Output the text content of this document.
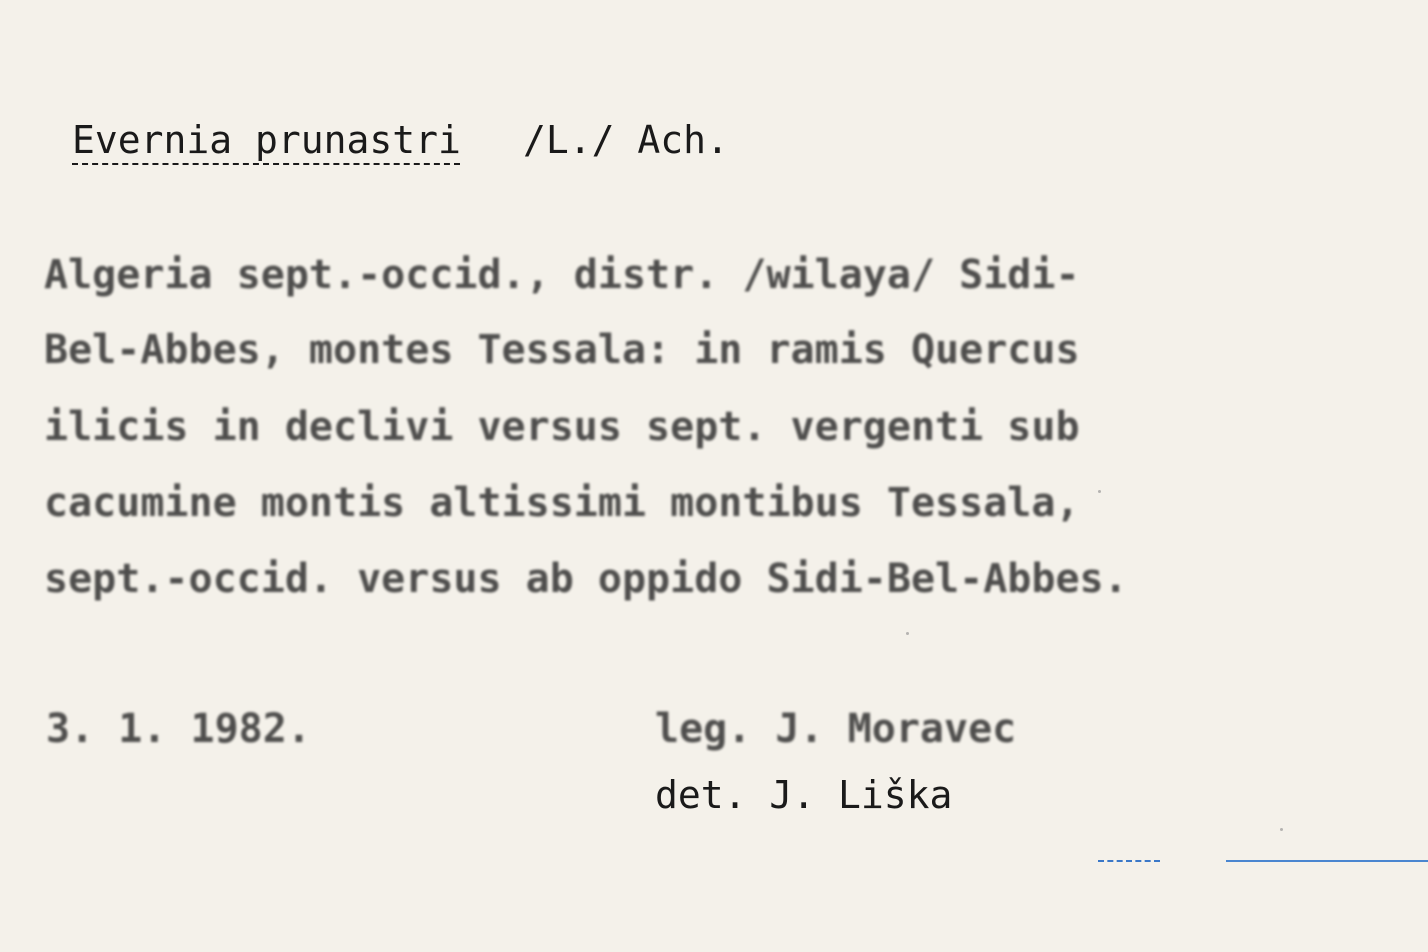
Evernia prunastri /L./ Ach.
Algeria sept.-occid., distr. /wilaya/ Sidi-
Bel-Abbes, montes Tessala: in ramis Quercus
ilicis in declivi versus sept. vergenti sub
cacumine montis altissimi montibus Tessala,
sept.-occid. versus ab oppido Sidi-Bel-Abbes.
3. 1. 1982.	leg. J. Moravec
det. J. Liška
